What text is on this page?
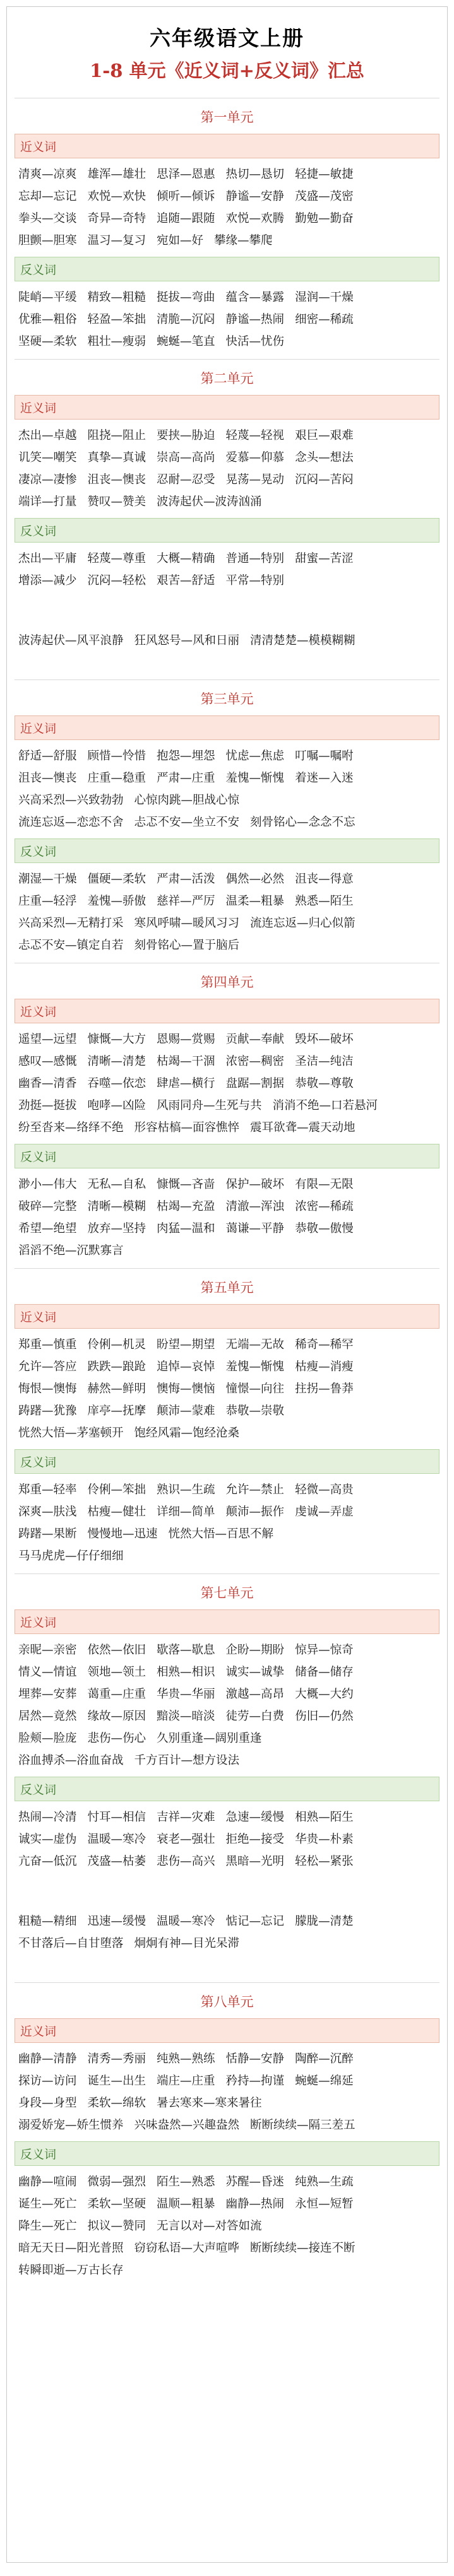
六年级语文上册
1-8 单元《近义词+反义词》汇总
第一单元
近义词
清爽—凉爽 雄浑—雄壮 思泽—恩惠 热切—恳切 轻捷—敏捷
忘却—忘记 欢悦—欢快 倾听—倾诉 静谧—安静 茂盛—茂密
拳头—交谈 奇异—奇特 追随—跟随 欢悦—欢腾 勤勉—勤奋
胆颤—胆寒 温习—复习 宛如—好 攀缘—攀爬
反义词
陡峭—平缓 精致—粗糙 挺拔—弯曲 蕴含—暴露 湿润—干燥
优雅—粗俗 轻盈—笨拙 清脆—沉闷 静谧—热闹 细密—稀疏
坚硬—柔软 粗壮—瘦弱 蜿蜒—笔直 快活—忧伤
第二单元
近义词
杰出—卓越 阻挠—阻止 要挟—胁迫 轻蔑—轻视 艰巨—艰难
讥笑—嘲笑 真挚—真诚 崇高—高尚 爱慕—仰慕 念头—想法
凄凉—凄惨 沮丧—懊丧 忍耐—忍受 晃荡—晃动 沉闷—苦闷
端详—打量 赞叹—赞美 波涛起伏—波涛汹涌
反义词
杰出—平庸 轻蔑—尊重 大概—精确 普通—特别 甜蜜—苦涩
增添—减少 沉闷—轻松 艰苦—舒适 平常—特别
波涛起伏—风平浪静 狂风怒号—风和日丽 清清楚楚—模模糊糊
第三单元
近义词
舒适—舒服 顾惜—怜惜 抱怨—埋怨 忧虑—焦虑 叮嘱—嘱咐
沮丧—懊丧 庄重—稳重 严肃—庄重 羞愧—惭愧 着迷—入迷
兴高采烈—兴致勃勃 心惊肉跳—胆战心惊
流连忘返—恋恋不舍 忐忑不安—坐立不安 刻骨铭心—念念不忘
反义词
潮湿—干燥 僵硬—柔软 严肃—活泼 偶然—必然 沮丧—得意
庄重—轻浮 羞愧—骄傲 慈祥—严厉 温柔—粗暴 熟悉—陌生
兴高采烈—无精打采 寒风呼啸—暖风习习 流连忘返—归心似箭
忐忑不安—镇定自若 刻骨铭心—置于脑后
第四单元
近义词
遥望—远望 慷慨—大方 恩赐—赏赐 贡献—奉献 毁坏—破坏
感叹—感慨 清晰—清楚 枯竭—干涸 浓密—稠密 圣洁—纯洁
幽香—清香 吞噬—依恋 肆虐—横行 盘踞—割据 恭敬—尊敬
劲挺—挺拔 咆哮—凶险 风雨同舟—生死与共 消消不绝—口若悬河
纷至沓来—络绎不绝 形容枯槁—面容憔悴 震耳欲聋—震天动地
反义词
渺小—伟大 无私—自私 慷慨—吝啬 保护—破坏 有限—无限
破碎—完整 清晰—模糊 枯竭—充盈 清澈—浑浊 浓密—稀疏
希望—绝望 放弃—坚持 肉猛—温和 蔼谦—平静 恭敬—傲慢
滔滔不绝—沉默寡言
第五单元
近义词
郑重—慎重 伶俐—机灵 盼望—期望 无端—无故 稀奇—稀罕
允许—答应 跌跌—踉跄 追悼—哀悼 羞愧—惭愧 枯瘦—消瘦
悔恨—懊悔 赫然—鲜明 懊悔—懊恼 憧憬—向往 拄拐—鲁莽
踌躇—犹豫 庠亭—抚摩 颠沛—蒙难 恭敬—崇敬
恍然大悟—茅塞顿开 饱经风霜—饱经沧桑
反义词
郑重—轻率 伶俐—笨拙 熟识—生疏 允许—禁止 轻微—高贵
深爽—肤浅 枯瘦—健壮 详细—简单 颠沛—振作 虔诚—弄虚
踌躇—果断 慢慢地—迅速 恍然大悟—百思不解
马马虎虎—仔仔细细
第七单元
近义词
亲昵—亲密 依然—依旧 歇落—歇息 企盼—期盼 惊异—惊奇
情义—情谊 领地—领土 相熟—相识 诚实—诚挚 储备—储存
埋葬—安葬 蔼重—庄重 华贵—华丽 激越—高昂 大概—大约
居然—竟然 缘故—原因 黯淡—暗淡 徒劳—白费 伤旧—仍然
脸颊—脸庞 悲伤—伤心 久别重逢—阔别重逢
浴血搏杀—浴血奋战 千方百计—想方设法
反义词
热闹—冷清 忖耳—相信 吉祥—灾难 急速—缓慢 相熟—陌生
诚实—虚伪 温暖—寒冷 衰老—强壮 拒绝—接受 华贵—朴素
亢奋—低沉 茂盛—枯萎 悲伤—高兴 黑暗—光明 轻松—紧张
粗糙—精细 迅速—缓慢 温暖—寒冷 惦记—忘记 朦胧—清楚
不甘落后—自甘堕落 炯炯有神—目光呆滞
第八单元
近义词
幽静—清静 清秀—秀丽 纯熟—熟练 恬静—安静 陶醉—沉醉
探访—访问 诞生—出生 端庄—庄重 矜持—拘谨 蜿蜒—绵延
身段—身型 柔软—绵软 暑去寒来—寒来暑往
溺爱娇宠—娇生惯养 兴味盎然—兴趣盎然 断断续续—隔三差五
反义词
幽静—喧闹 微弱—强烈 陌生—熟悉 苏醒—昏迷 纯熟—生疏
诞生—死亡 柔软—坚硬 温顺—粗暴 幽静—热闹 永恒—短暂
降生—死亡 拟议—赞同 无言以对—对答如流
暗无天日—阳光普照 窃窃私语—大声喧哗 断断续续—接连不断
转瞬即逝—万古长存
